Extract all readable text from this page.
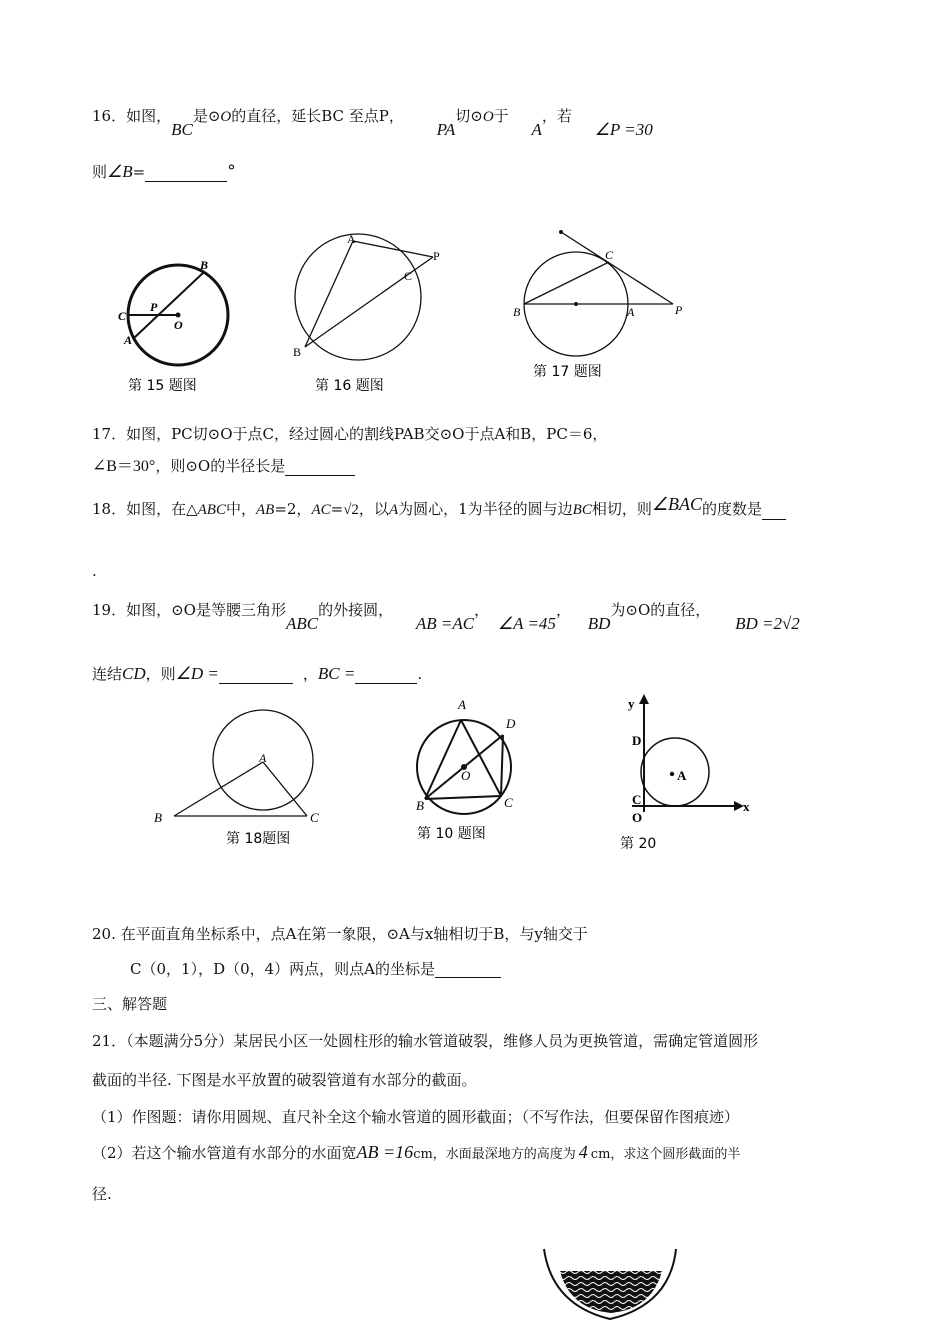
16．如图，BC是⊙O的直径，延长BC 至点P， PA切⊙O于 A，若 ∠P =30
则∠B=	°
B
C
P
O
A
第 15 题图
A
P
C
B
第 16 题图
C
B	A	P
第 17 题图
17．如图，PC切⊙O于点C，经过圆心的割线PAB交⊙O于点A和B，PC＝6，
∠B＝30°，则⊙O的半径长是
18．如图，在△ABC中，AB=2，AC=√2，以A为圆心，1为半径的圆与边BC相切，则∠BAC的度数是
.
19．如图，⊙O是等腰三角形ABC的外接圆， AB =AC， ∠A =45， BD为⊙O的直径， BD =2√2
连结CD，则∠D =	，BC =	.
A
B	C
第 18题图
A
D
O
B	C
第 10 题图
y
D
A
C
O
x
第 20
20. 在平面直角坐标系中，点A在第一象限，⊙A与x轴相切于B，与y轴交于
C（0，1），D（0，4）两点，则点A的坐标是
三、解答题
21．（本题满分5分）某居民小区一处圆柱形的输水管道破裂，维修人员为更换管道，需确定管道圆形
截面的半径. 下图是水平放置的破裂管道有水部分的截面。
（1）作图题：请你用圆规、直尺补全这个输水管道的圆形截面；（不写作法，但要保留作图痕迹）
（2）若这个输水管道有水部分的水面宽AB =16cm，水面最深地方的高度为 4 cm，求这个圆形截面的半
径.
